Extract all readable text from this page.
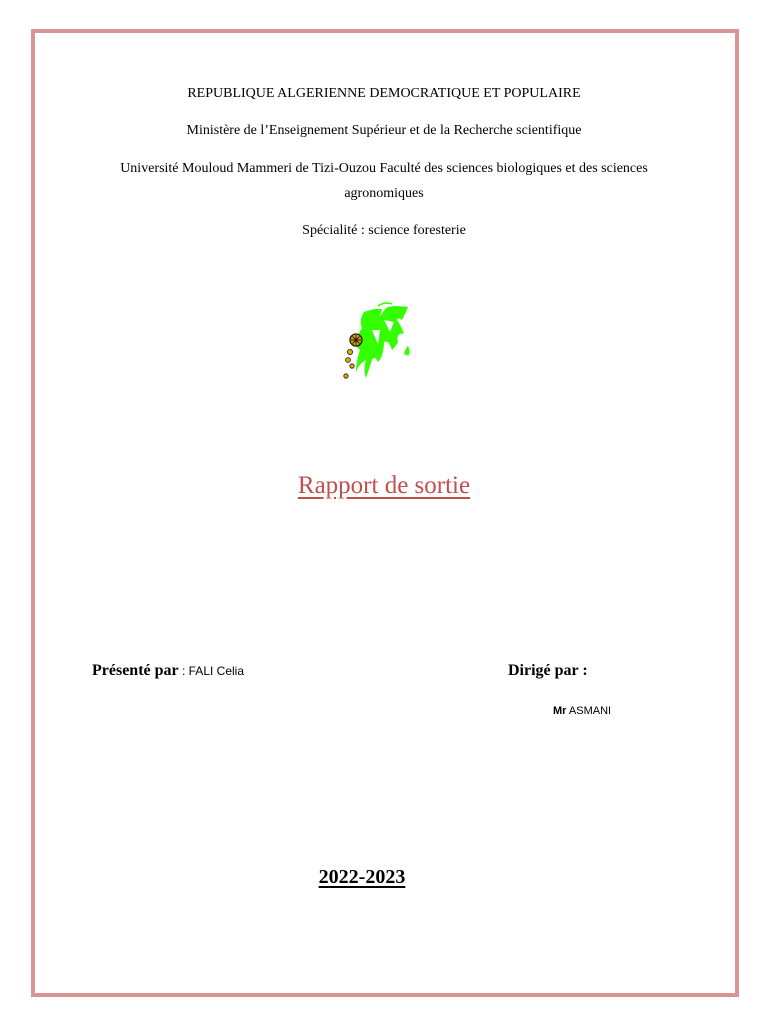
REPUBLIQUE ALGERIENNE DEMOCRATIQUE ET POPULAIRE
Ministère de l’Enseignement Supérieur et de la Recherche scientifique
Université Mouloud Mammeri de Tizi-Ouzou Faculté des sciences biologiques et des sciences
agronomiques
Spécialité : science foresterie
Rapport de sortie
Présenté par : FALI Celia	Dirigé par :
Mr ASMANI
2022-2023
